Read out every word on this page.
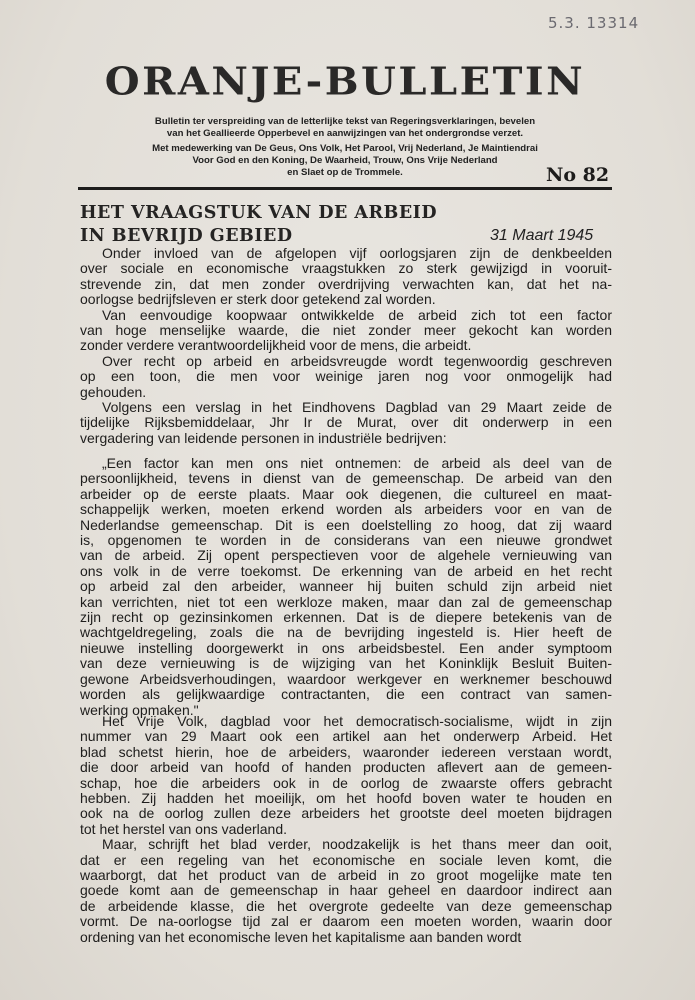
5.3. 13314
ORANJE-BULLETIN
Bulletin ter verspreiding van de letterlijke tekst van Regeringsverklaringen, bevelen
van het Geallieerde Opperbevel en aanwijzingen van het ondergrondse verzet.
Met medewerking van De Geus, Ons Volk, Het Parool, Vrij Nederland, Je Maintiendrai
Voor God en den Koning, De Waarheid, Trouw, Ons Vrije Nederland
en Slaet op de Trommele.	No 82
HET VRAAGSTUK VAN DE ARBEID
IN BEVRIJD GEBIED	31 Maart 1945
Onder invloed van de afgelopen vijf oorlogsjaren zijn de denkbeelden
over sociale en economische vraagstukken zo sterk gewijzigd in vooruit-
strevende zin, dat men zonder overdrijving verwachten kan, dat het na-
oorlogse bedrijfsleven er sterk door getekend zal worden.
Van eenvoudige koopwaar ontwikkelde de arbeid zich tot een factor
van hoge menselijke waarde, die niet zonder meer gekocht kan worden
zonder verdere verantwoordelijkheid voor de mens, die arbeidt.
Over recht op arbeid en arbeidsvreugde wordt tegenwoordig geschreven
op een toon, die men voor weinige jaren nog voor onmogelijk had
gehouden.
Volgens een verslag in het Eindhovens Dagblad van 29 Maart zeide de
tijdelijke Rijksbemiddelaar, Jhr Ir de Murat, over dit onderwerp in een
vergadering van leidende personen in industriële bedrijven:
„Een factor kan men ons niet ontnemen: de arbeid als deel van de
persoonlijkheid, tevens in dienst van de gemeenschap. De arbeid van den
arbeider op de eerste plaats. Maar ook diegenen, die cultureel en maat-
schappelijk werken, moeten erkend worden als arbeiders voor en van de
Nederlandse gemeenschap. Dit is een doelstelling zo hoog, dat zij waard
is, opgenomen te worden in de considerans van een nieuwe grondwet
van de arbeid. Zij opent perspectieven voor de algehele vernieuwing van
ons volk in de verre toekomst. De erkenning van de arbeid en het recht
op arbeid zal den arbeider, wanneer hij buiten schuld zijn arbeid niet
kan verrichten, niet tot een werkloze maken, maar dan zal de gemeenschap
zijn recht op gezinsinkomen erkennen. Dat is de diepere betekenis van de
wachtgeldregeling, zoals die na de bevrijding ingesteld is. Hier heeft de
nieuwe instelling doorgewerkt in ons arbeidsbestel. Een ander symptoom
van deze vernieuwing is de wijziging van het Koninklijk Besluit Buiten-
gewone Arbeidsverhoudingen, waardoor werkgever en werknemer beschouwd
worden als gelijkwaardige contractanten, die een contract van samen-
werking opmaken."
Het Vrije Volk, dagblad voor het democratisch-socialisme, wijdt in zijn
nummer van 29 Maart ook een artikel aan het onderwerp Arbeid. Het
blad schetst hierin, hoe de arbeiders, waaronder iedereen verstaan wordt,
die door arbeid van hoofd of handen producten aflevert aan de gemeen-
schap, hoe die arbeiders ook in de oorlog de zwaarste offers gebracht
hebben. Zij hadden het moeilijk, om het hoofd boven water te houden en
ook na de oorlog zullen deze arbeiders het grootste deel moeten bijdragen
tot het herstel van ons vaderland.
Maar, schrijft het blad verder, noodzakelijk is het thans meer dan ooit,
dat er een regeling van het economische en sociale leven komt, die
waarborgt, dat het product van de arbeid in zo groot mogelijke mate ten
goede komt aan de gemeenschap in haar geheel en daardoor indirect aan
de arbeidende klasse, die het overgrote gedeelte van deze gemeenschap
vormt. De na-oorlogse tijd zal er daarom een moeten worden, waarin door
ordening van het economische leven het kapitalisme aan banden wordt
